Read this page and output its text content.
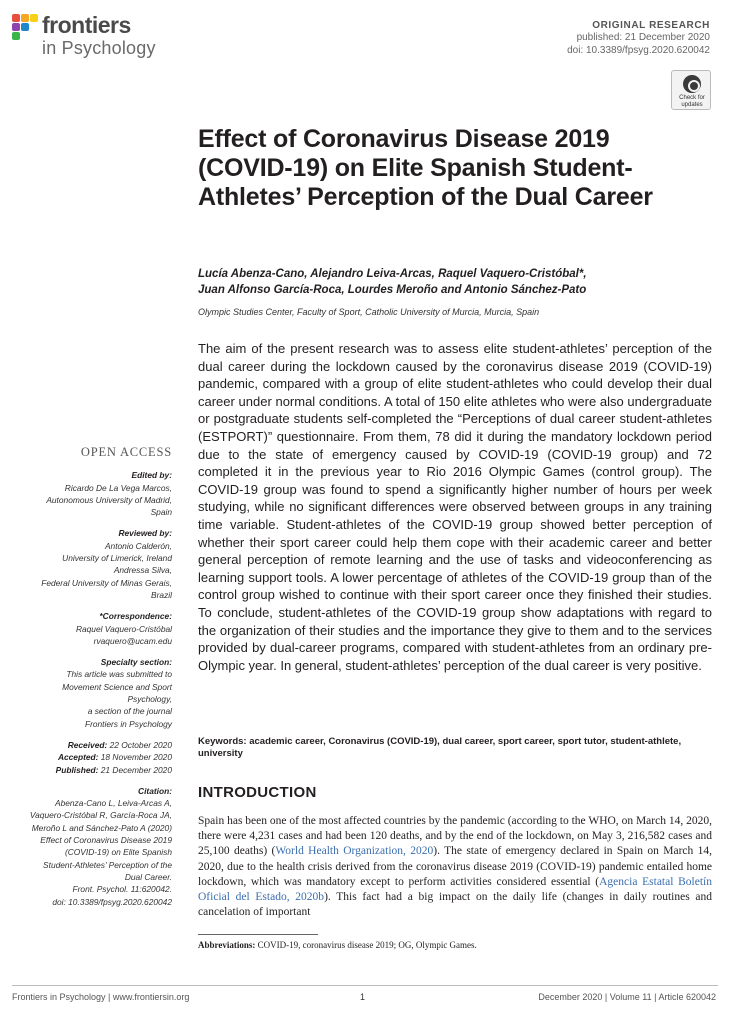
frontiers
in Psychology
ORIGINAL RESEARCH
published: 21 December 2020
doi: 10.3389/fpsyg.2020.620042
Check for updates
Effect of Coronavirus Disease 2019 (COVID-19) on Elite Spanish Student-Athletes’ Perception of the Dual Career
Lucía Abenza-Cano, Alejandro Leiva-Arcas, Raquel Vaquero-Cristóbal*,
Juan Alfonso García-Roca, Lourdes Meroño and Antonio Sánchez-Pato
Olympic Studies Center, Faculty of Sport, Catholic University of Murcia, Murcia, Spain

The aim of the present research was to assess elite student-athletes’ perception of the dual career during the lockdown caused by the coronavirus disease 2019 (COVID-19) pandemic, compared with a group of elite student-athletes who could develop their dual career under normal conditions. A total of 150 elite athletes who were also undergraduate or postgraduate students self-completed the “Perceptions of dual career student-athletes (ESTPORT)” questionnaire. From them, 78 did it during the mandatory lockdown period due to the state of emergency caused by COVID-19 (COVID-19 group) and 72 completed it in the previous year to Rio 2016 Olympic Games (control group). The COVID-19 group was found to spend a significantly higher number of hours per week studying, while no significant differences were observed between groups in any training time variable. Student-athletes of the COVID-19 group showed better perception of whether their sport career could help them cope with their academic career and better general perception of remote learning and the use of tasks and videoconferencing as learning support tools. A lower percentage of athletes of the COVID-19 group than of the control group wished to continue with their sport career once they finished their studies. To conclude, student-athletes of the COVID-19 group show adaptations with regard to the organization of their studies and the importance they give to them and to the services provided by dual-career programs, compared with student-athletes from an ordinary pre-Olympic year. In general, student-athletes’ perception of the dual career is very positive.

Keywords: academic career, Coronavirus (COVID-19), dual career, sport career, sport tutor, student-athlete, university
INTRODUCTION

Spain has been one of the most affected countries by the pandemic (according to the WHO, on March 14, 2020, there were 4,231 cases and had been 120 deaths, and by the end of the lockdown, on May 3, 216,582 cases and 25,100 deaths) (World Health Organization, 2020). The state of emergency declared in Spain on March 14, 2020, due to the health crisis derived from the coronavirus disease 2019 (COVID-19) pandemic entailed home lockdown, which was mandatory except to perform activities considered essential (Agencia Estatal Boletín Oficial del Estado, 2020b). This fact had a big impact on the daily life (changes in daily routines and cancelation of important

Abbreviations: COVID-19, coronavirus disease 2019; OG, Olympic Games.
OPEN ACCESS
Edited by:
Ricardo De La Vega Marcos,
Autonomous University of Madrid,
Spain
Reviewed by:
Antonio Calderón,
University of Limerick, Ireland
Andressa Silva,
Federal University of Minas Gerais,
Brazil
*Correspondence:
Raquel Vaquero-Cristóbal
rvaquero@ucam.edu
Specialty section:
This article was submitted to
Movement Science and Sport
Psychology,
a section of the journal
Frontiers in Psychology
Received: 22 October 2020
Accepted: 18 November 2020
Published: 21 December 2020
Citation:
Abenza-Cano L, Leiva-Arcas A,
Vaquero-Cristóbal R, García-Roca JA,
Meroño L and Sánchez-Pato A (2020)
Effect of Coronavirus Disease 2019
(COVID-19) on Elite Spanish
Student-Athletes’ Perception of the
Dual Career.
Front. Psychol. 11:620042.
doi: 10.3389/fpsyg.2020.620042
Frontiers in Psychology | www.frontiersin.org	1	December 2020 | Volume 11 | Article 620042
